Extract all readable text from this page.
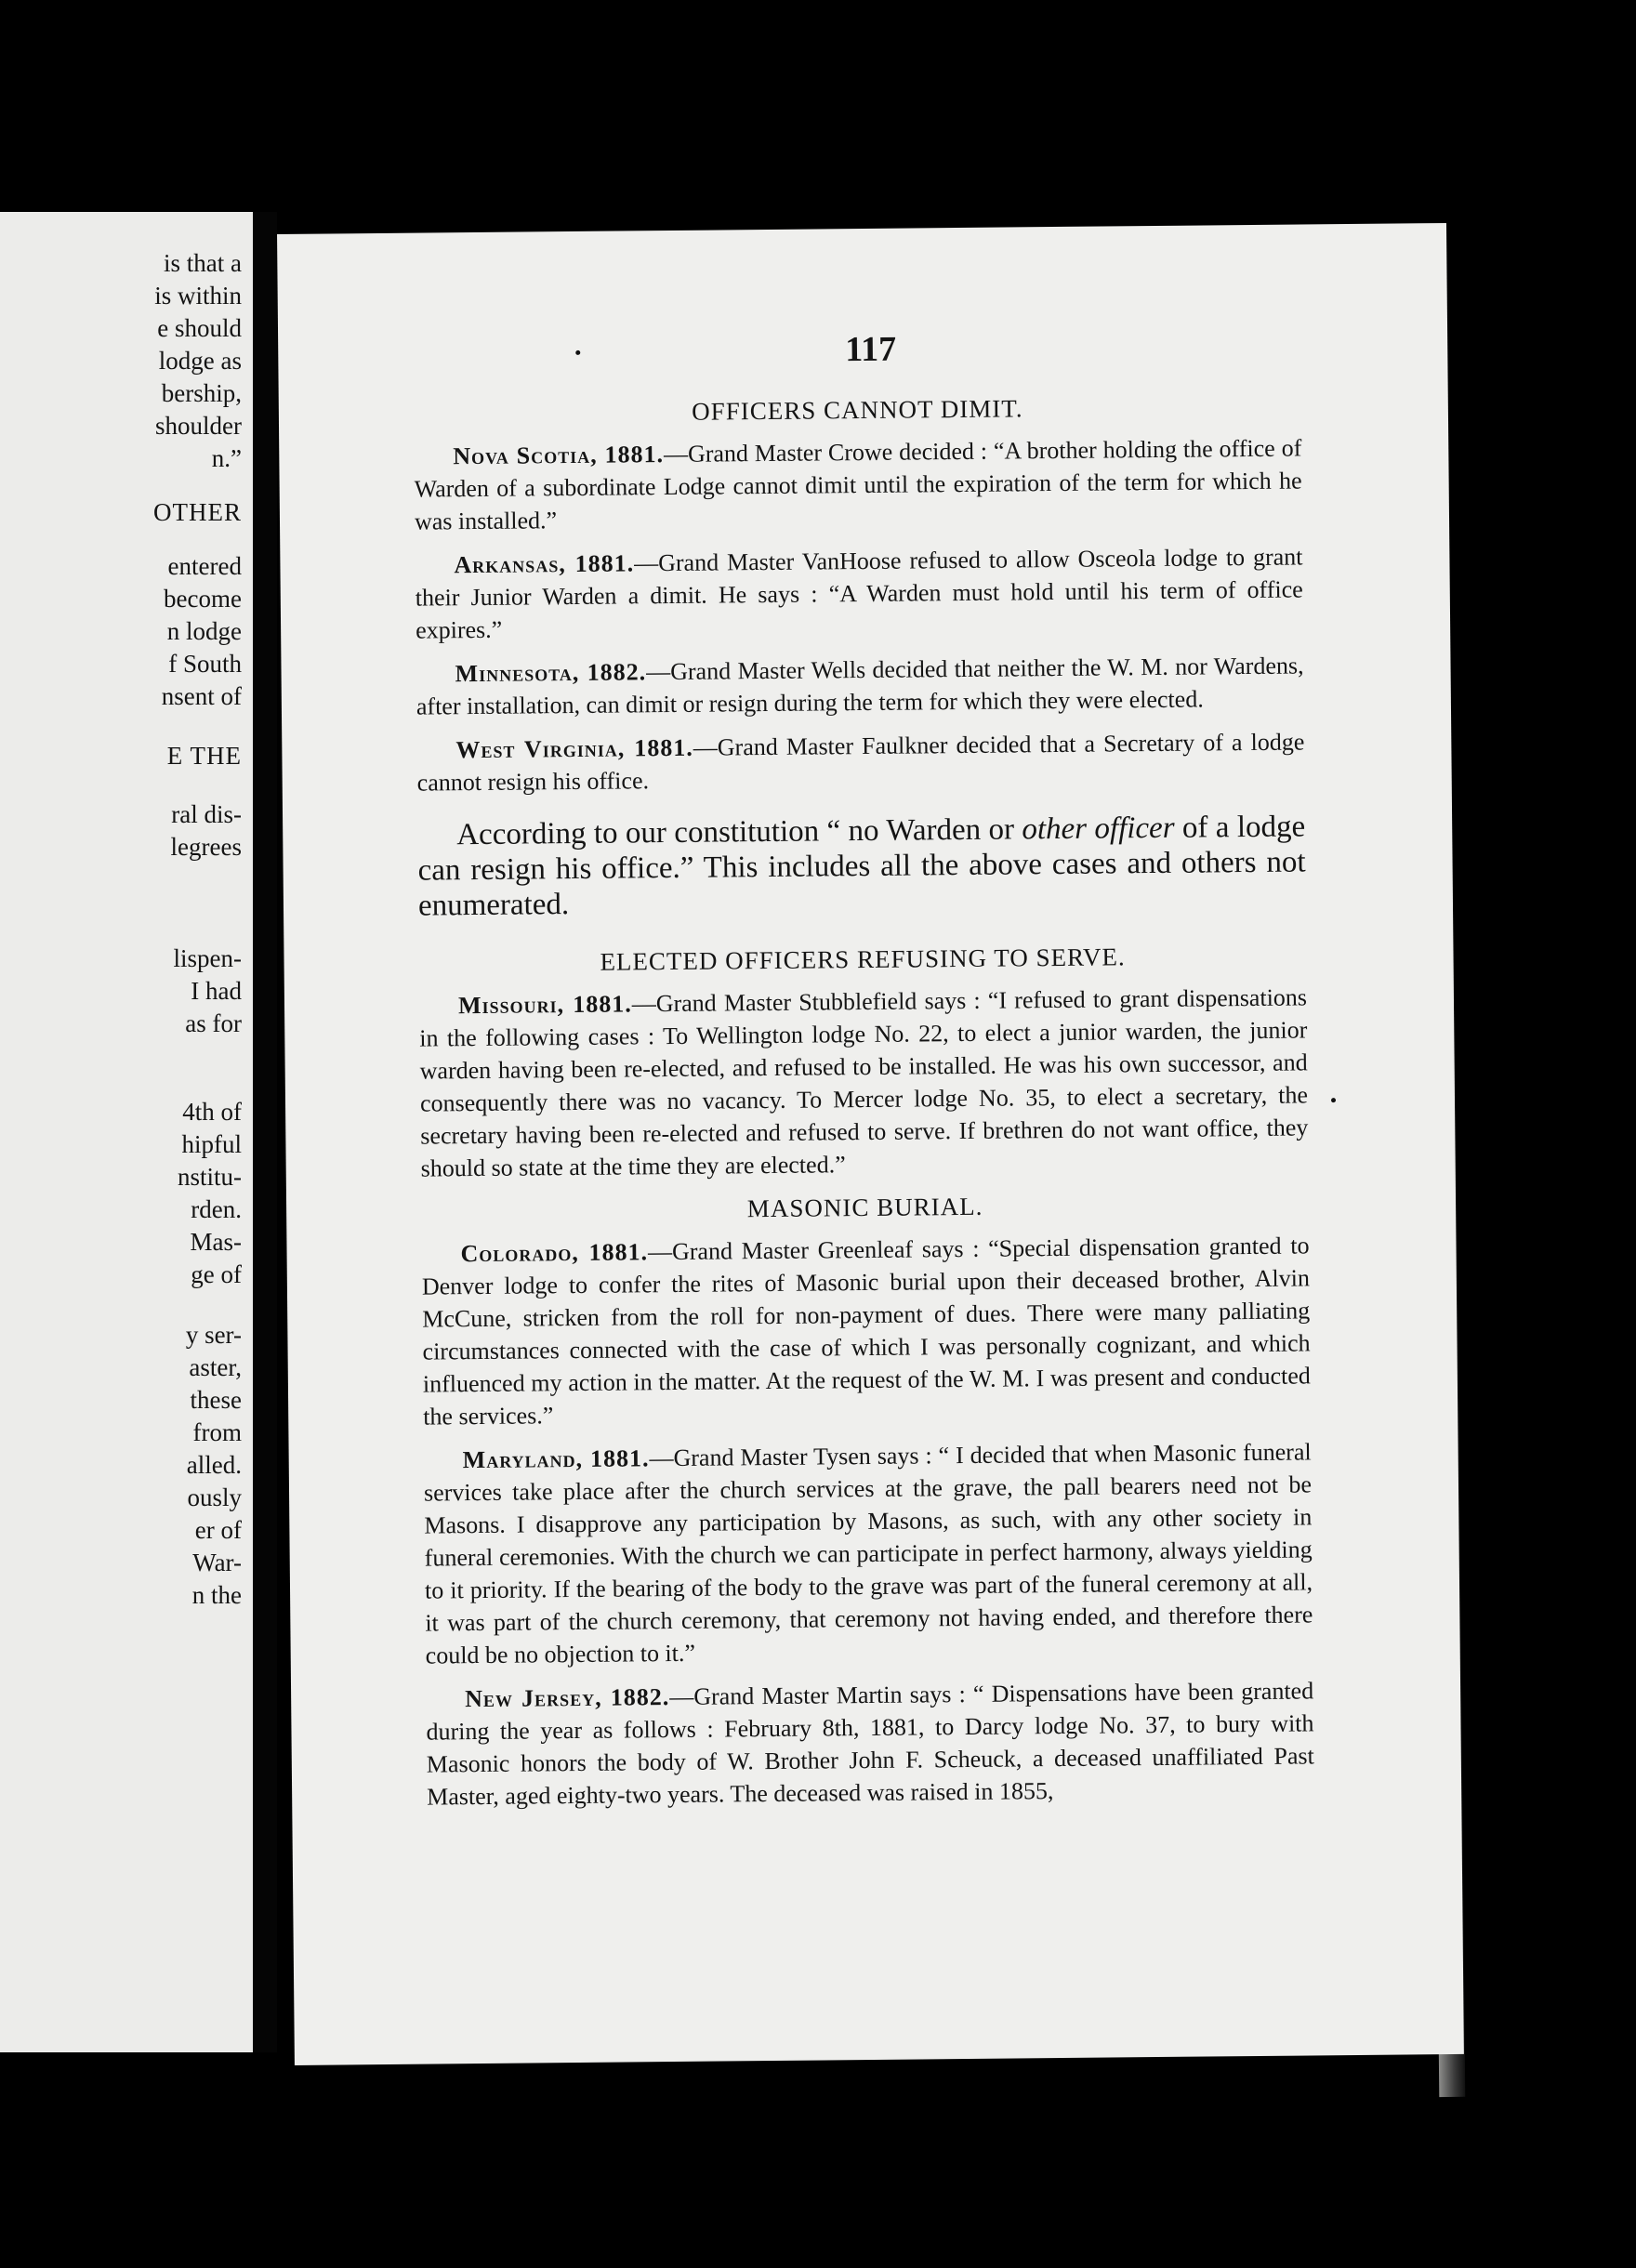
is that a
is within
e should
lodge as
bership,
shoulder
n.”
OTHER
entered
become
n lodge
f South
nsent of
E THE
ral dis-
legrees
lispen-
I had
as for
4th of
hipful
nstitu-
rden.
Mas-
ge of
y ser-
aster,
these
from
alled.
ously
er of
War-
n the
117
OFFICERS CANNOT DIMIT.

Nova Scotia, 1881.—Grand Master Crowe decided : “A brother holding the office of Warden of a subordinate Lodge cannot dimit until the expiration of the term for which he was installed.”

Arkansas, 1881.—Grand Master VanHoose refused to allow Osceola lodge to grant their Junior Warden a dimit. He says : “A Warden must hold until his term of office expires.”

Minnesota, 1882.—Grand Master Wells decided that neither the W. M. nor Wardens, after installation, can dimit or resign during the term for which they were elected.

West Virginia, 1881.—Grand Master Faulkner decided that a Secretary of a lodge cannot resign his office.

According to our constitution “ no Warden or other officer of a lodge can resign his office.” This includes all the above cases and others not enumerated.

ELECTED OFFICERS REFUSING TO SERVE.

Missouri, 1881.—Grand Master Stubblefield says : “I refused to grant dispensations in the following cases : To Wellington lodge No. 22, to elect a junior warden, the junior warden having been re-elected, and refused to be installed. He was his own successor, and consequently there was no vacancy. To Mercer lodge No. 35, to elect a secretary, the secretary having been re-elected and refused to serve. If brethren do not want office, they should so state at the time they are elected.”

MASONIC BURIAL.

Colorado, 1881.—Grand Master Greenleaf says : “Special dispensation granted to Denver lodge to confer the rites of Masonic burial upon their deceased brother, Alvin McCune, stricken from the roll for non-payment of dues. There were many palliating circumstances connected with the case of which I was personally cognizant, and which influenced my action in the matter. At the request of the W. M. I was present and conducted the services.”

Maryland, 1881.—Grand Master Tysen says : “ I decided that when Masonic funeral services take place after the church services at the grave, the pall bearers need not be Masons. I disapprove any participation by Masons, as such, with any other society in funeral ceremonies. With the church we can participate in perfect harmony, always yielding to it priority. If the bearing of the body to the grave was part of the funeral ceremony at all, it was part of the church ceremony, that ceremony not having ended, and therefore there could be no objection to it.”

New Jersey, 1882.—Grand Master Martin says : “ Dispensations have been granted during the year as follows : February 8th, 1881, to Darcy lodge No. 37, to bury with Masonic honors the body of W. Brother John F. Scheuck, a deceased unaffiliated Past Master, aged eighty-two years. The deceased was raised in 1855,
